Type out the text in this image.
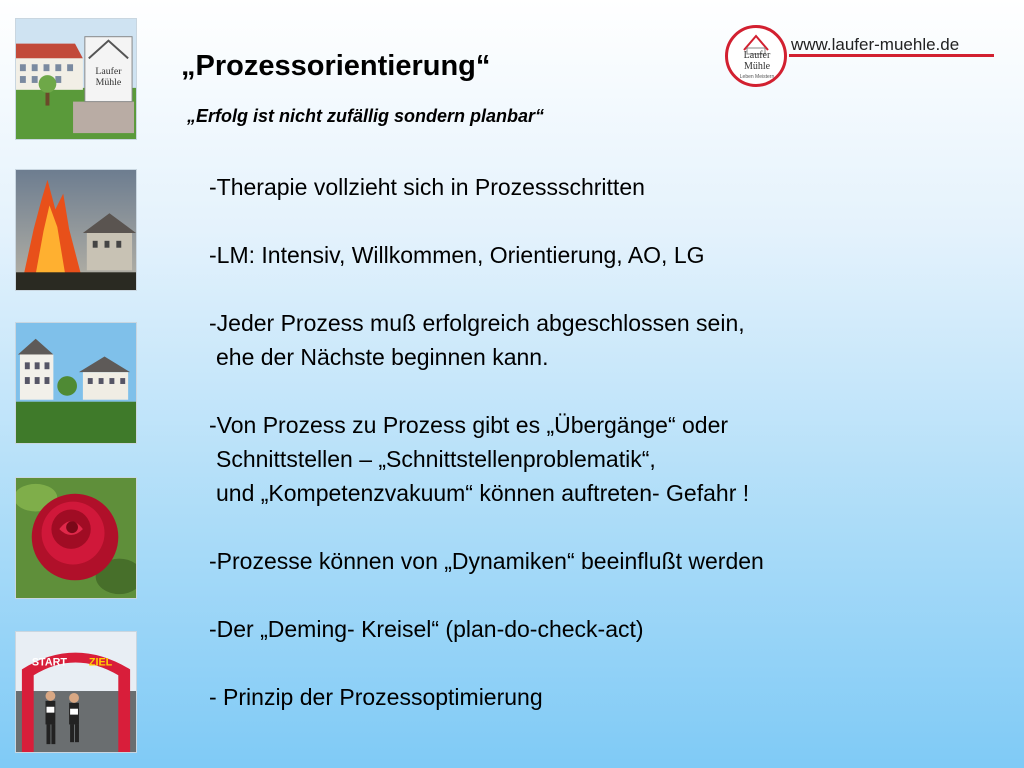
Laufer
Mühle
START ZIEL
„Prozessorientierung“
„Erfolg ist nicht zufällig sondern planbar“
Laufer
Mühle
Leben Meistern
www.laufer-muehle.de
-Therapie vollzieht sich in Prozessschritten
-LM: Intensiv, Willkommen, Orientierung, AO, LG
-Jeder Prozess muß erfolgreich abgeschlossen sein,
ehe der Nächste beginnen kann.
-Von Prozess zu Prozess gibt es „Übergänge“ oder
Schnittstellen – „Schnittstellenproblematik“,
und „Kompetenzvakuum“ können auftreten- Gefahr !
-Prozesse können von „Dynamiken“ beeinflußt werden
-Der „Deming- Kreisel“ (plan-do-check-act)
- Prinzip der Prozessoptimierung
